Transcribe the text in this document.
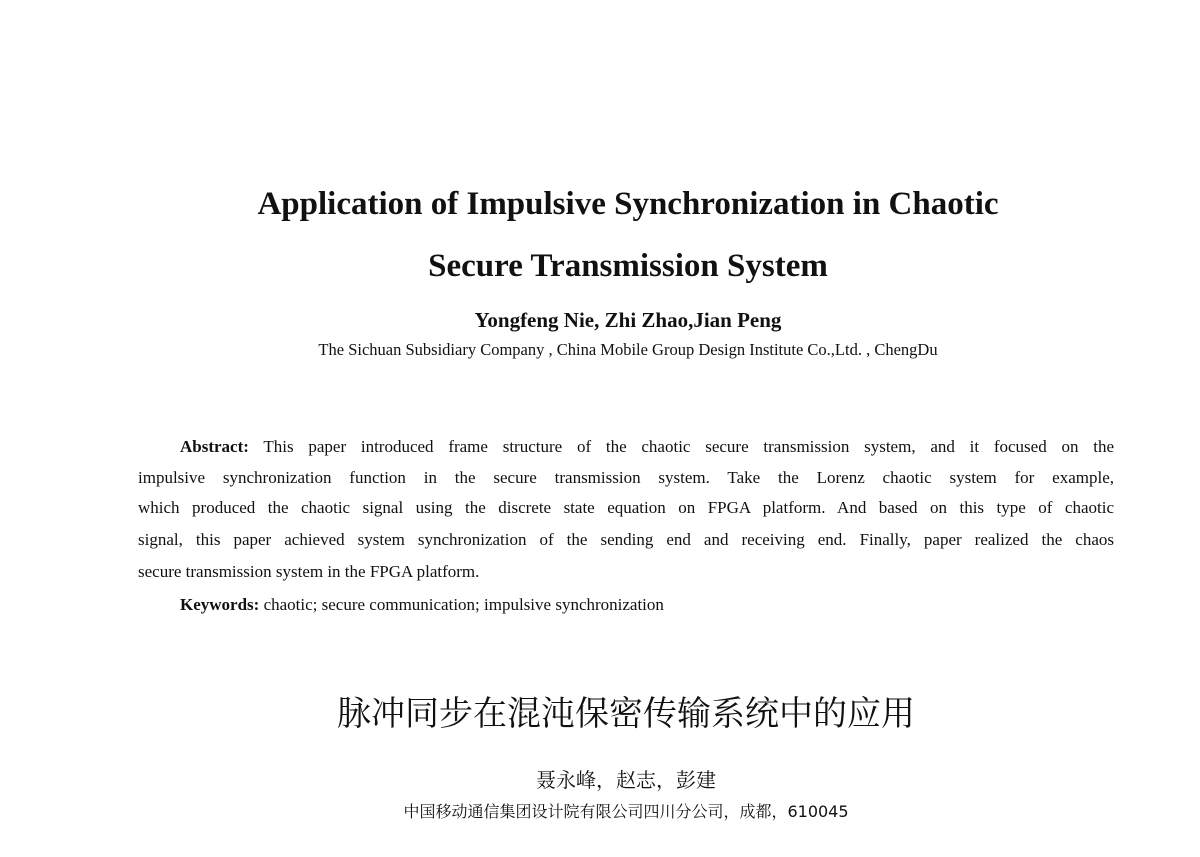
Application of Impulsive Synchronization in Chaotic
Secure Transmission System
Yongfeng Nie, Zhi Zhao,Jian Peng
The Sichuan Subsidiary Company , China Mobile Group Design Institute Co.,Ltd. , ChengDu
Abstract: This paper introduced frame structure of the chaotic secure transmission system, and it focused on the
impulsive synchronization function in the secure transmission system. Take the Lorenz chaotic system for example,
which produced the chaotic signal using the discrete state equation on FPGA platform. And based on this type of chaotic
signal, this paper achieved system synchronization of the sending end and receiving end. Finally, paper realized the chaos
secure transmission system in the FPGA platform.
Keywords: chaotic; secure communication; impulsive synchronization
脉冲同步在混沌保密传输系统中的应用
聂永峰，赵志，彭建
中国移动通信集团设计院有限公司四川分公司，成都，610045
